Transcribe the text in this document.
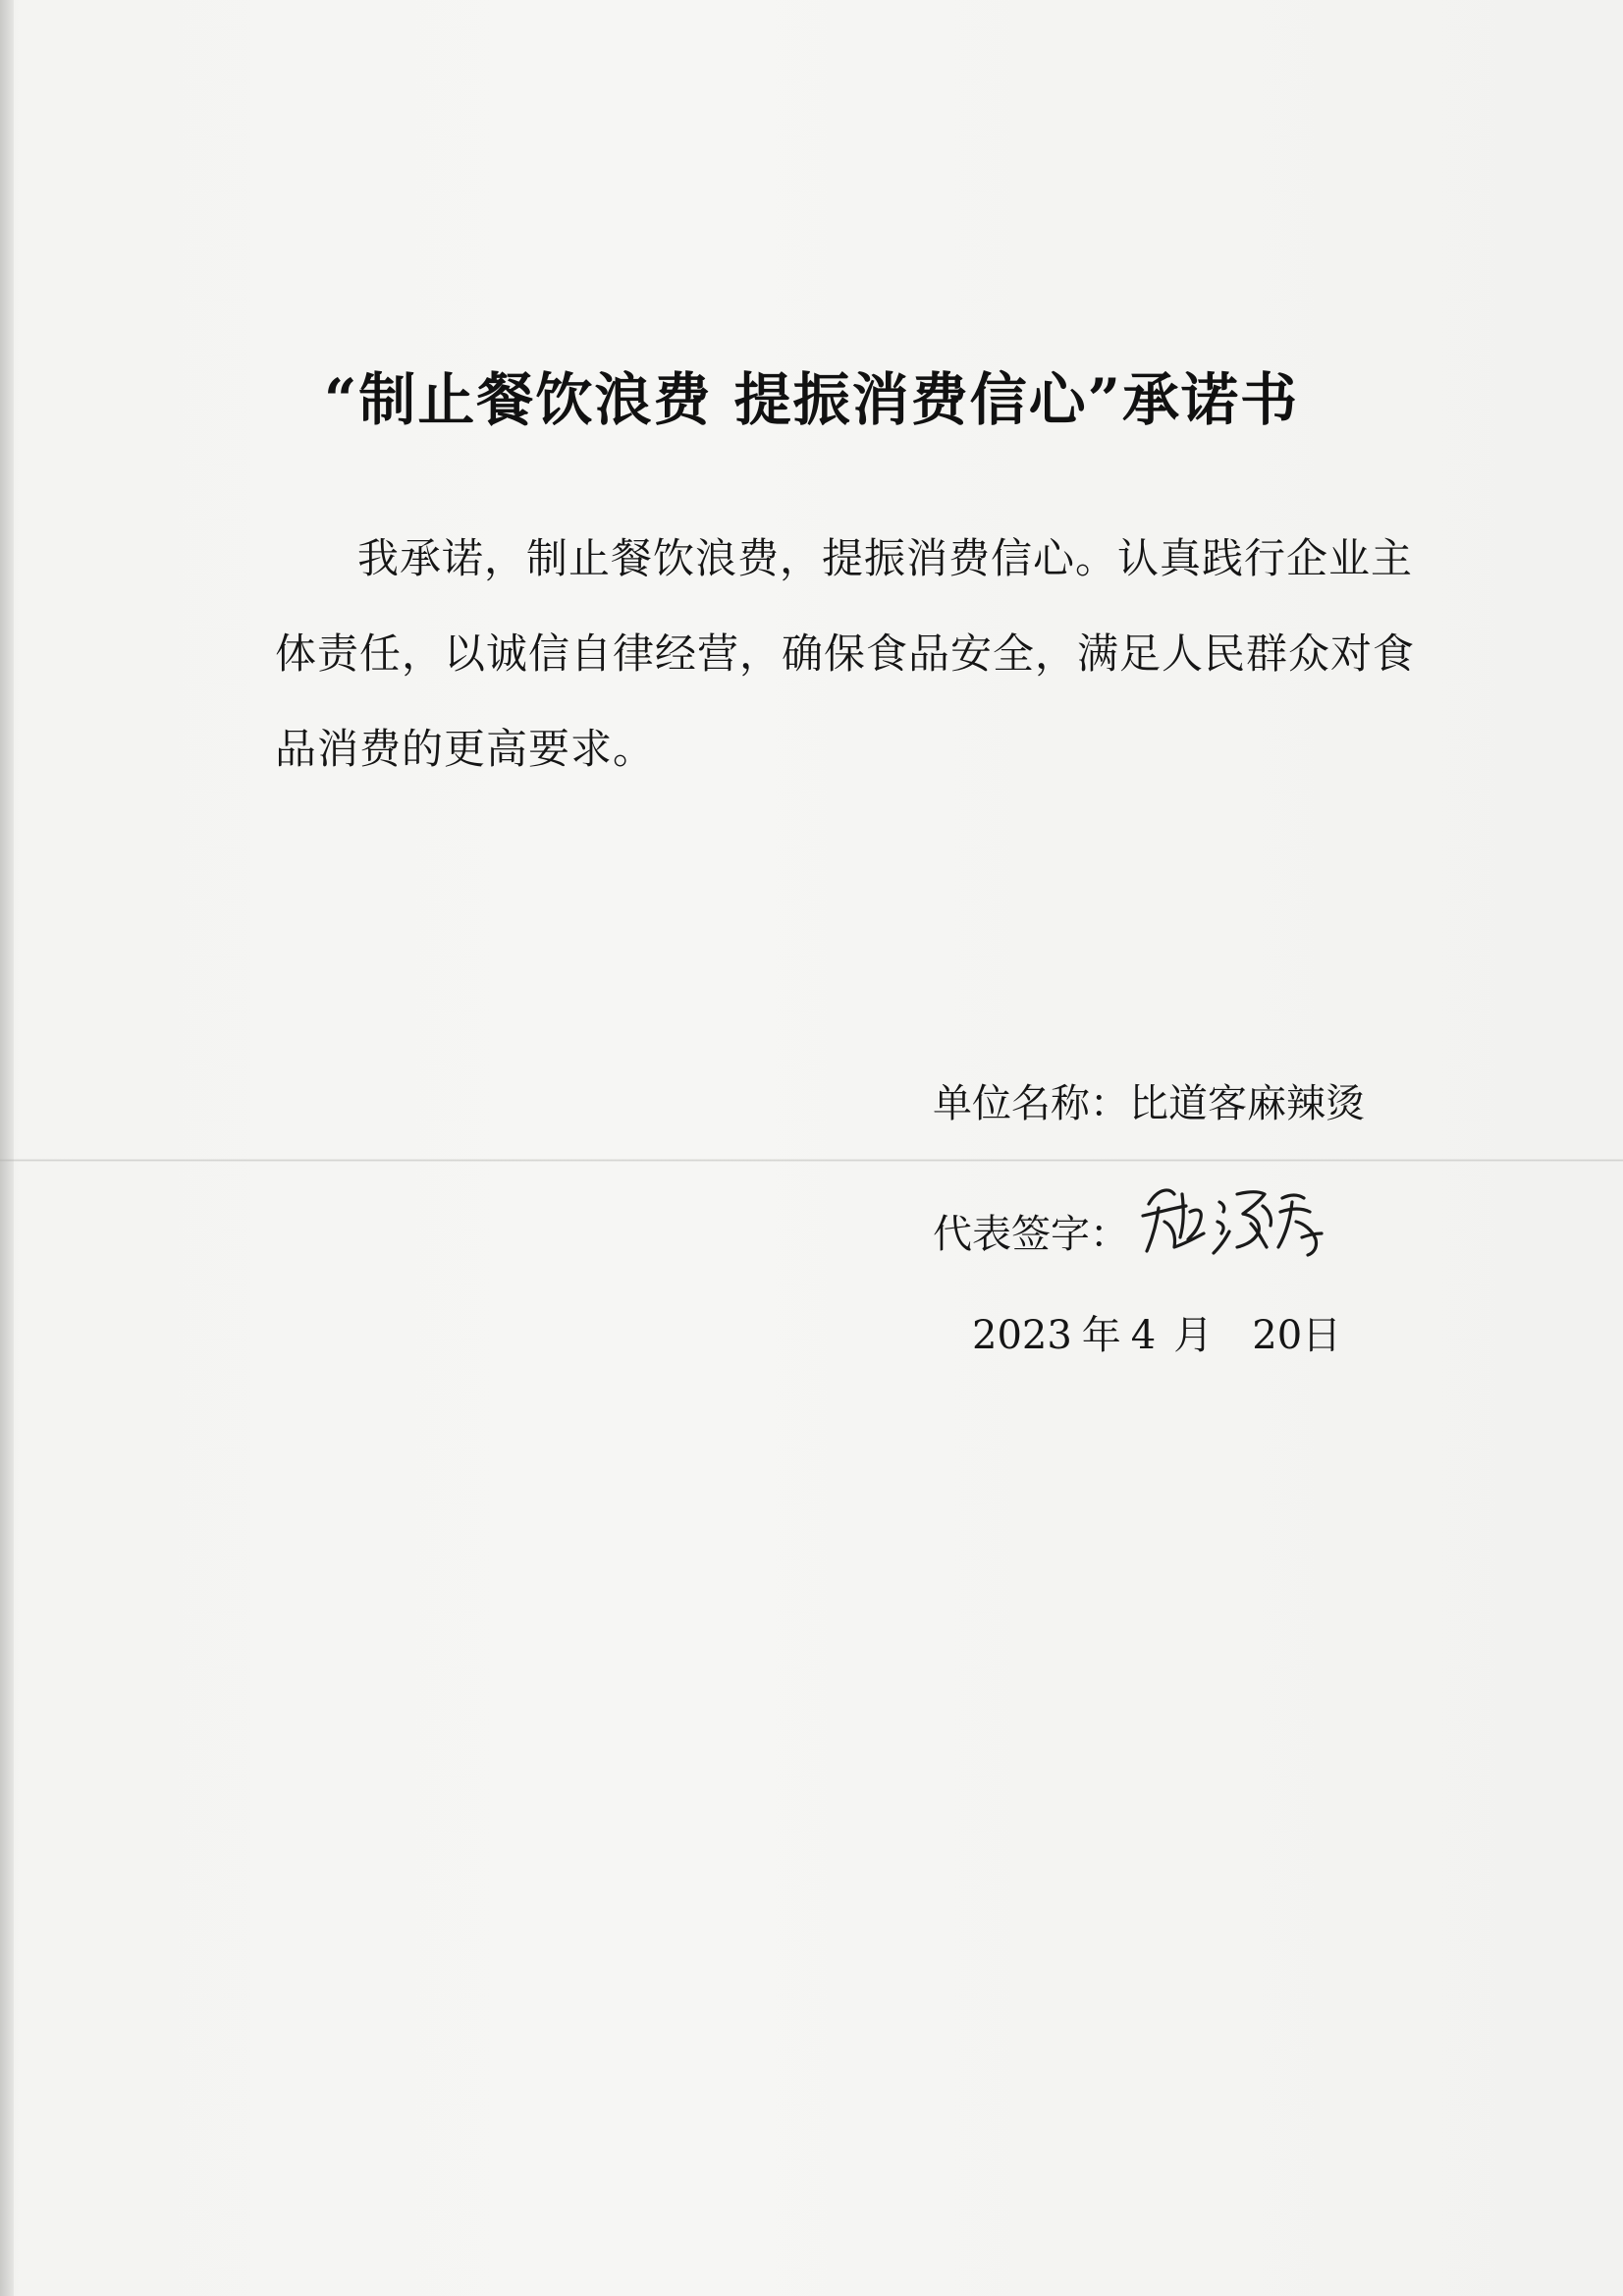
“制止餐饮浪费 提振消费信心”承诺书
我承诺，制止餐饮浪费，提振消费信心。认真践行企业主体责任，以诚信自律经营，确保食品安全，满足人民群众对食品消费的更高要求。
单位名称：比道客麻辣烫
代表签字：
2023 年 4 月 20日
